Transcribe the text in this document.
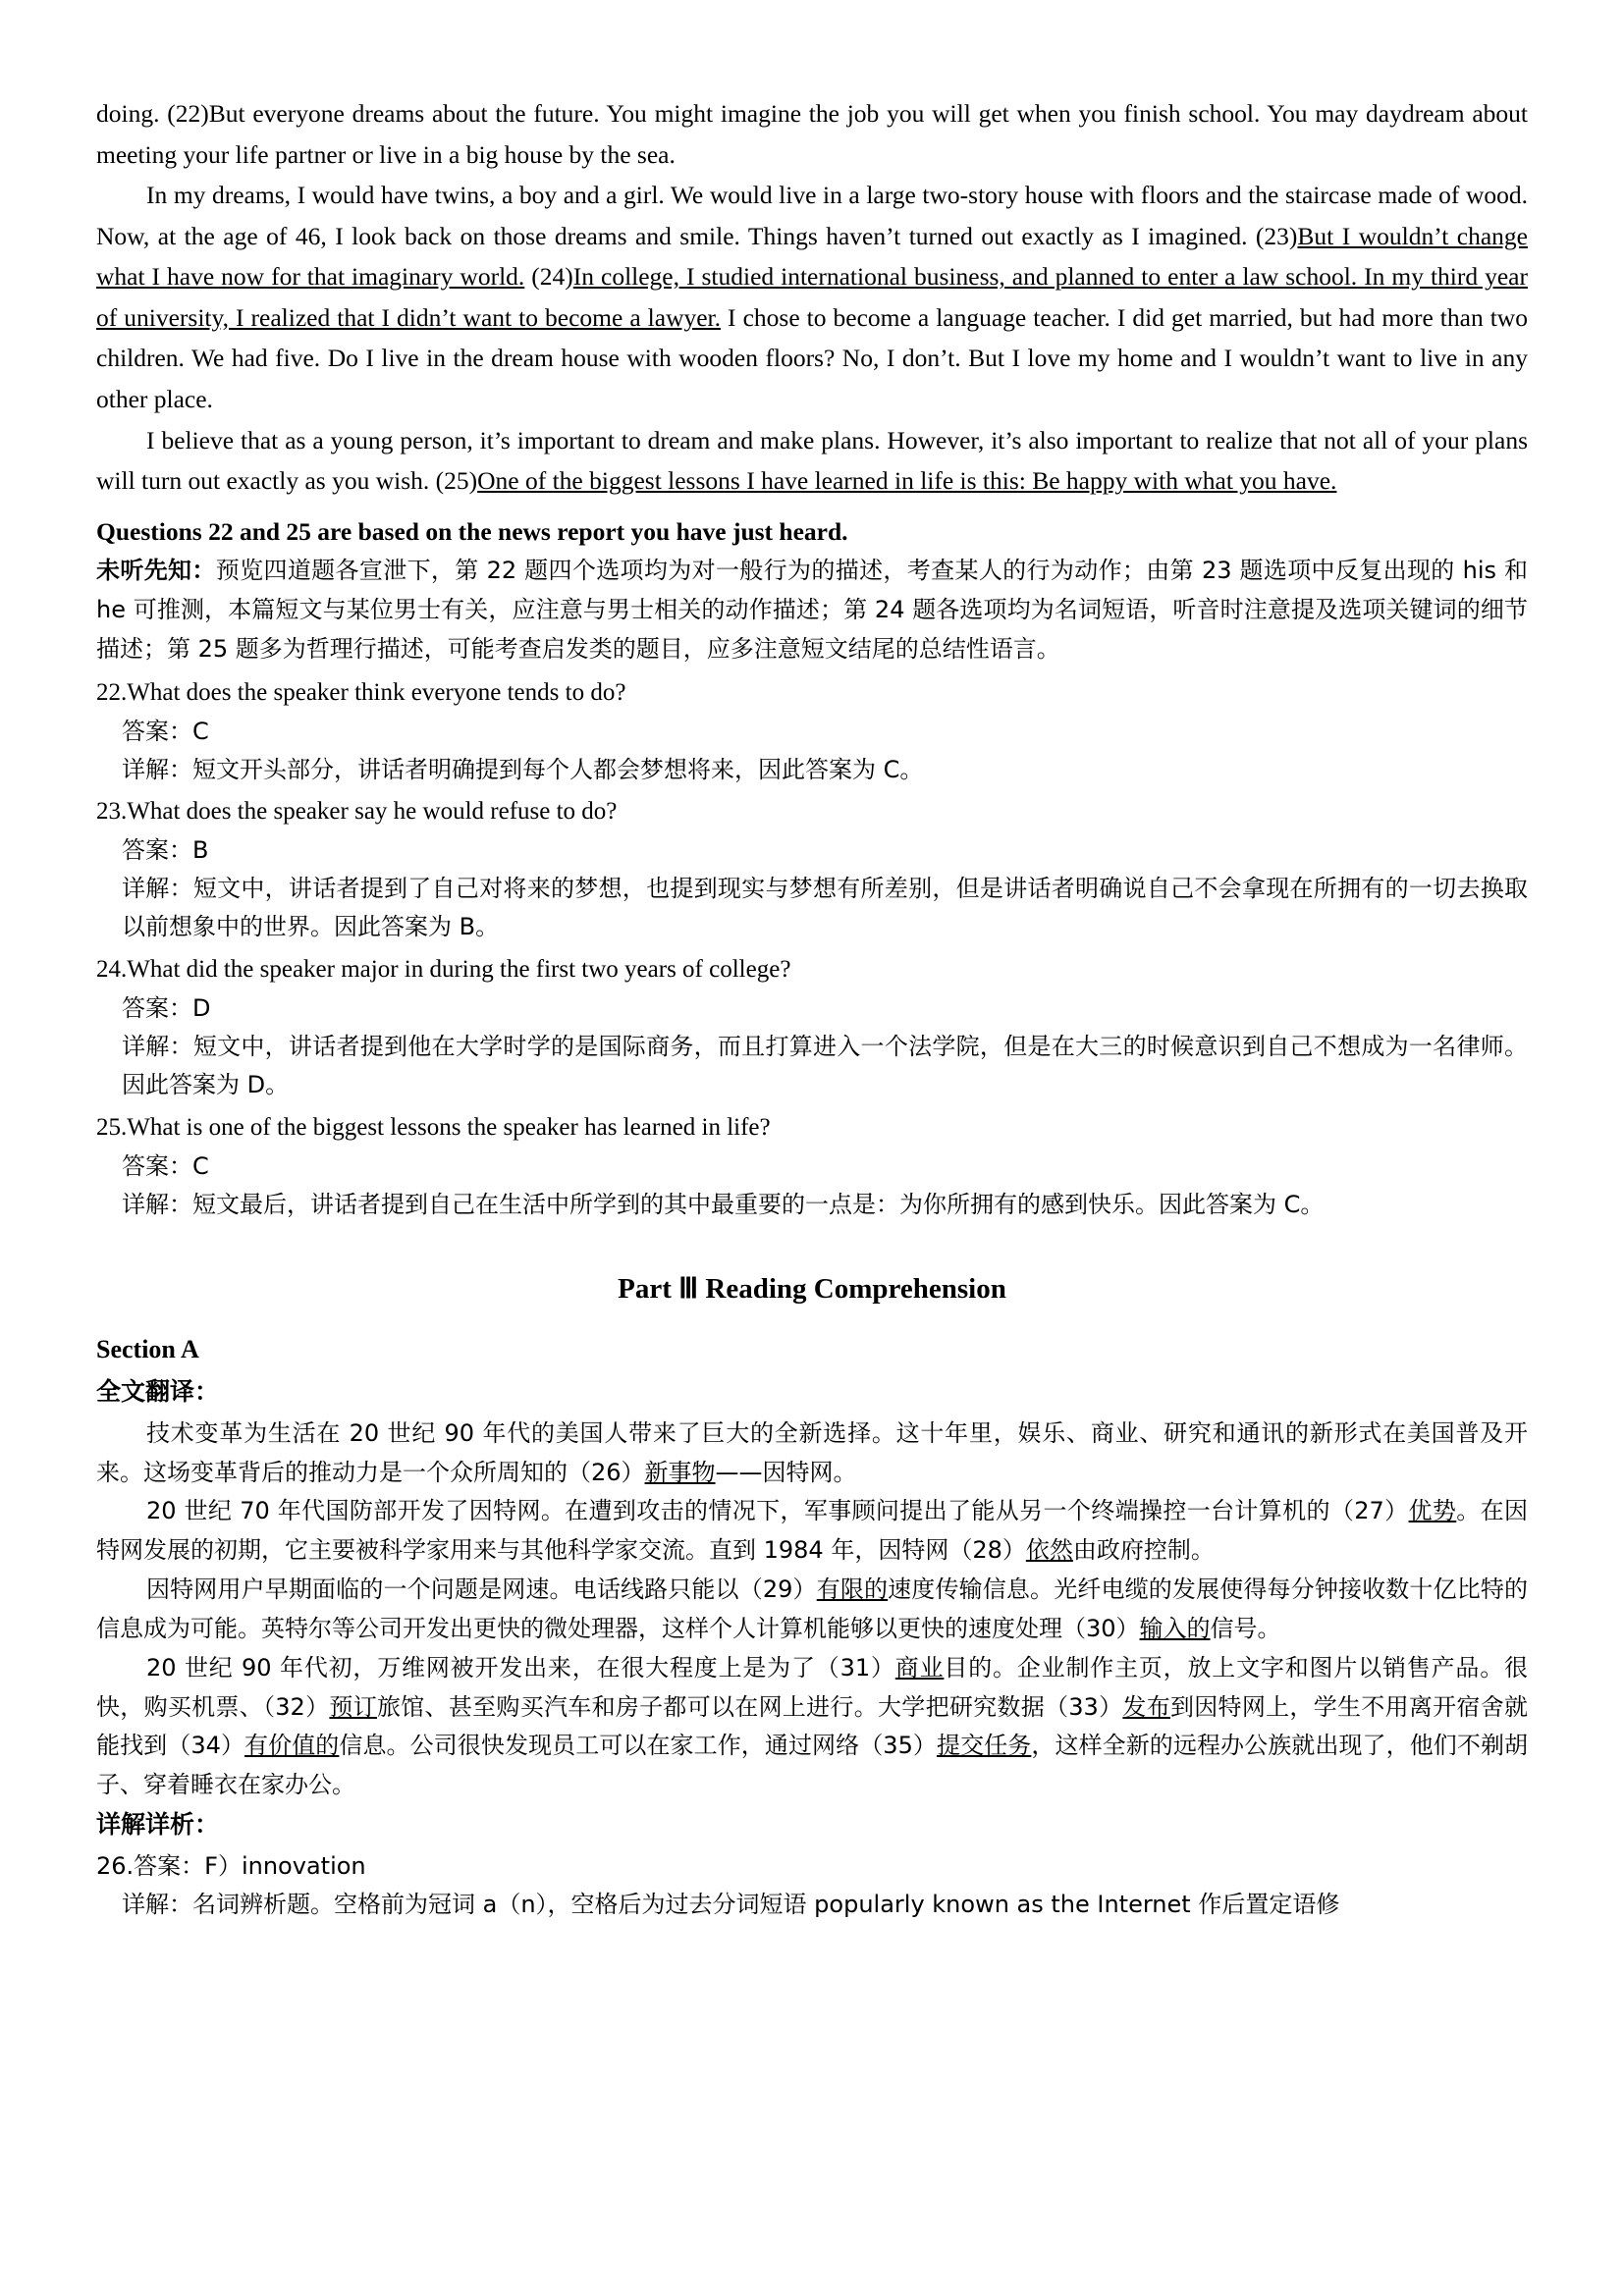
doing. (22)But everyone dreams about the future. You might imagine the job you will get when you finish school. You may daydream about meeting your life partner or live in a big house by the sea.

In my dreams, I would have twins, a boy and a girl. We would live in a large two-story house with floors and the staircase made of wood. Now, at the age of 46, I look back on those dreams and smile. Things haven’t turned out exactly as I imagined. (23)But I wouldn’t change what I have now for that imaginary world. (24)In college, I studied international business, and planned to enter a law school. In my third year of university, I realized that I didn’t want to become a lawyer. I chose to become a language teacher. I did get married, but had more than two children. We had five. Do I live in the dream house with wooden floors? No, I don’t. But I love my home and I wouldn’t want to live in any other place.

I believe that as a young person, it’s important to dream and make plans. However, it’s also important to realize that not all of your plans will turn out exactly as you wish. (25)One of the biggest lessons I have learned in life is this: Be happy with what you have.

Questions 22 and 25 are based on the news report you have just heard.

未听先知：预览四道题各宣泄下，第 22 题四个选项均为对一般行为的描述，考查某人的行为动作；由第 23 题选项中反复出现的 his 和 he 可推测，本篇短文与某位男士有关，应注意与男士相关的动作描述；第 24 题各选项均为名词短语，听音时注意提及选项关键词的细节描述；第 25 题多为哲理行描述，可能考查启发类的题目，应多注意短文结尾的总结性语言。

22.What does the speaker think everyone tends to do?

答案：C

详解：短文开头部分，讲话者明确提到每个人都会梦想将来，因此答案为 C。

23.What does the speaker say he would refuse to do?

答案：B

详解：短文中，讲话者提到了自己对将来的梦想，也提到现实与梦想有所差别，但是讲话者明确说自己不会拿现在所拥有的一切去换取以前想象中的世界。因此答案为 B。

24.What did the speaker major in during the first two years of college?

答案：D

详解：短文中，讲话者提到他在大学时学的是国际商务，而且打算进入一个法学院，但是在大三的时候意识到自己不想成为一名律师。因此答案为 D。

25.What is one of the biggest lessons the speaker has learned in life?

答案：C

详解：短文最后，讲话者提到自己在生活中所学到的其中最重要的一点是：为你所拥有的感到快乐。因此答案为 C。

Part Ⅲ Reading Comprehension

Section A

全文翻译：

技术变革为生活在 20 世纪 90 年代的美国人带来了巨大的全新选择。这十年里，娱乐、商业、研究和通讯的新形式在美国普及开来。这场变革背后的推动力是一个众所周知的（26）新事物——因特网。

20 世纪 70 年代国防部开发了因特网。在遭到攻击的情况下，军事顾问提出了能从另一个终端操控一台计算机的（27）优势。在因特网发展的初期，它主要被科学家用来与其他科学家交流。直到 1984 年，因特网（28）依然由政府控制。

因特网用户早期面临的一个问题是网速。电话线路只能以（29）有限的速度传输信息。光纤电缆的发展使得每分钟接收数十亿比特的信息成为可能。英特尔等公司开发出更快的微处理器，这样个人计算机能够以更快的速度处理（30）输入的信号。

20 世纪 90 年代初，万维网被开发出来，在很大程度上是为了（31）商业目的。企业制作主页，放上文字和图片以销售产品。很快，购买机票、（32）预订旅馆、甚至购买汽车和房子都可以在网上进行。大学把研究数据（33）发布到因特网上，学生不用离开宿舍就能找到（34）有价值的信息。公司很快发现员工可以在家工作，通过网络（35）提交任务，这样全新的远程办公族就出现了，他们不剃胡子、穿着睡衣在家办公。

详解详析：

26.答案：F）innovation

详解：名词辨析题。空格前为冠词 a（n），空格后为过去分词短语 popularly known as the Internet 作后置定语修
